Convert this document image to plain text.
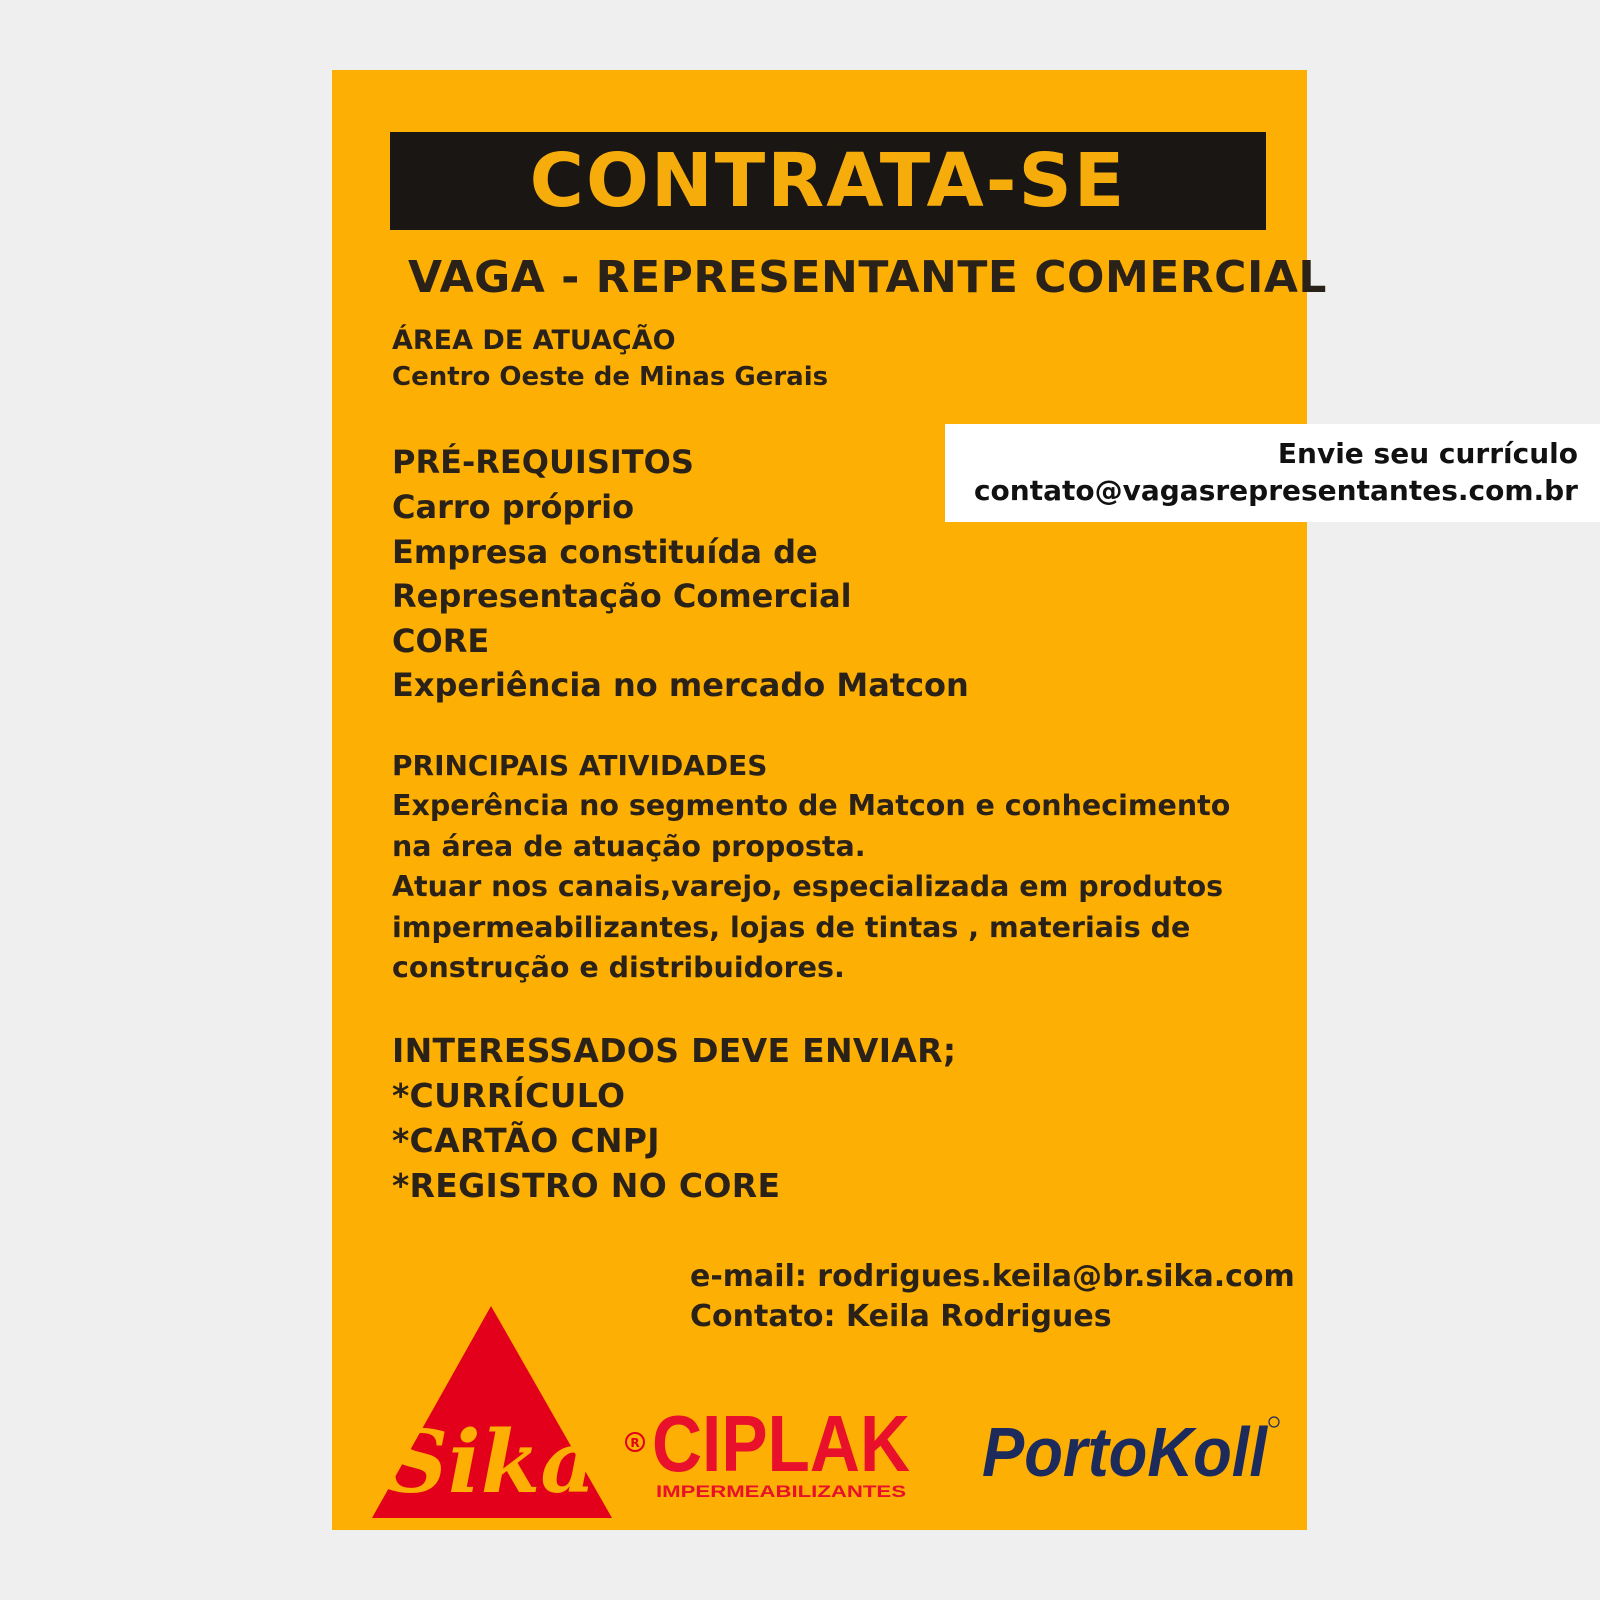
CONTRATA-SE
VAGA - REPRESENTANTE COMERCIAL
ÁREA DE ATUAÇÃO
Centro Oeste de Minas Gerais
PRÉ-REQUISITOS
Carro próprio
Empresa constituída de
Representação Comercial
CORE
Experiência no mercado Matcon
PRINCIPAIS ATIVIDADES
Experência no segmento de Matcon e conhecimento
na área de atuação proposta.
Atuar nos canais,varejo, especializada em produtos
impermeabilizantes, lojas de tintas , materiais de
construção e distribuidores.
INTERESSADOS DEVE ENVIAR;
*CURRÍCULO
*CARTÃO CNPJ
*REGISTRO NO CORE
e-mail: rodrigues.keila@br.sika.com
Contato: Keila Rodrigues
Sika	R CIPLAK
IMPERMEABILIZANTES
PortoKoll
Envie seu currículo
contato@vagasrepresentantes.com.br
